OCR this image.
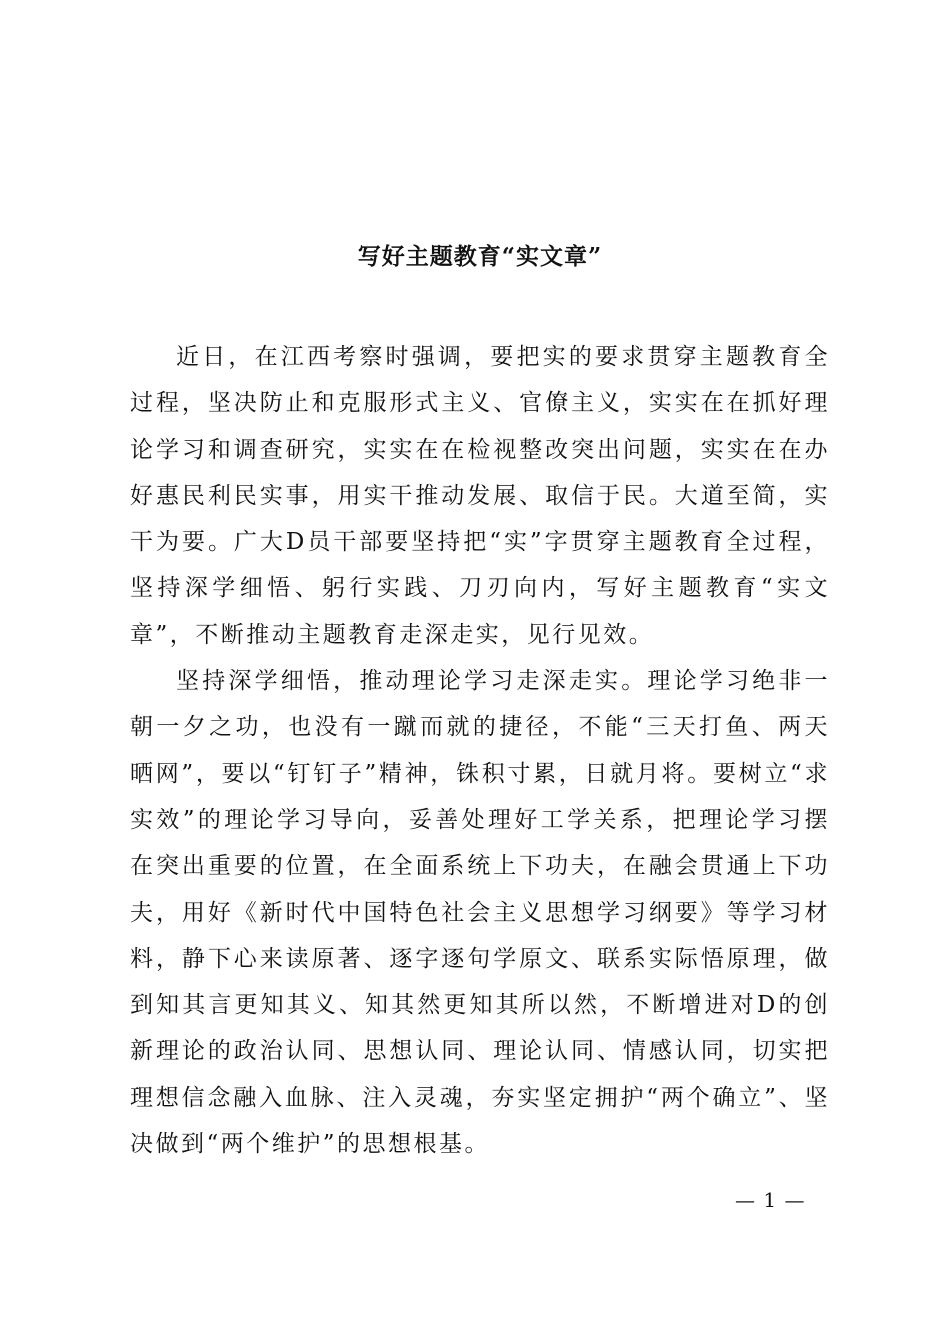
写好主题教育“实文章”

近日，在江西考察时强调，要把实的要求贯穿主题教育全过程，坚决防止和克服形式主义、官僚主义，实实在在抓好理论学习和调查研究，实实在在检视整改突出问题，实实在在办好惠民利民实事，用实干推动发展、取信于民。大道至简，实干为要。广大D员干部要坚持把“实”字贯穿主题教育全过程，坚持深学细悟、躬行实践、刀刃向内，写好主题教育“实文章”，不断推动主题教育走深走实，见行见效。

坚持深学细悟，推动理论学习走深走实。理论学习绝非一朝一夕之功，也没有一蹴而就的捷径，不能“三天打鱼、两天晒网”，要以“钉钉子”精神，铢积寸累，日就月将。要树立“求实效”的理论学习导向，妥善处理好工学关系，把理论学习摆在突出重要的位置，在全面系统上下功夫，在融会贯通上下功夫，用好《新时代中国特色社会主义思想学习纲要》等学习材料，静下心来读原著、逐字逐句学原文、联系实际悟原理，做到知其言更知其义、知其然更知其所以然，不断增进对D的创新理论的政治认同、思想认同、理论认同、情感认同，切实把理想信念融入血脉、注入灵魂，夯实坚定拥护“两个确立”、坚决做到“两个维护”的思想根基。

— 1 —
